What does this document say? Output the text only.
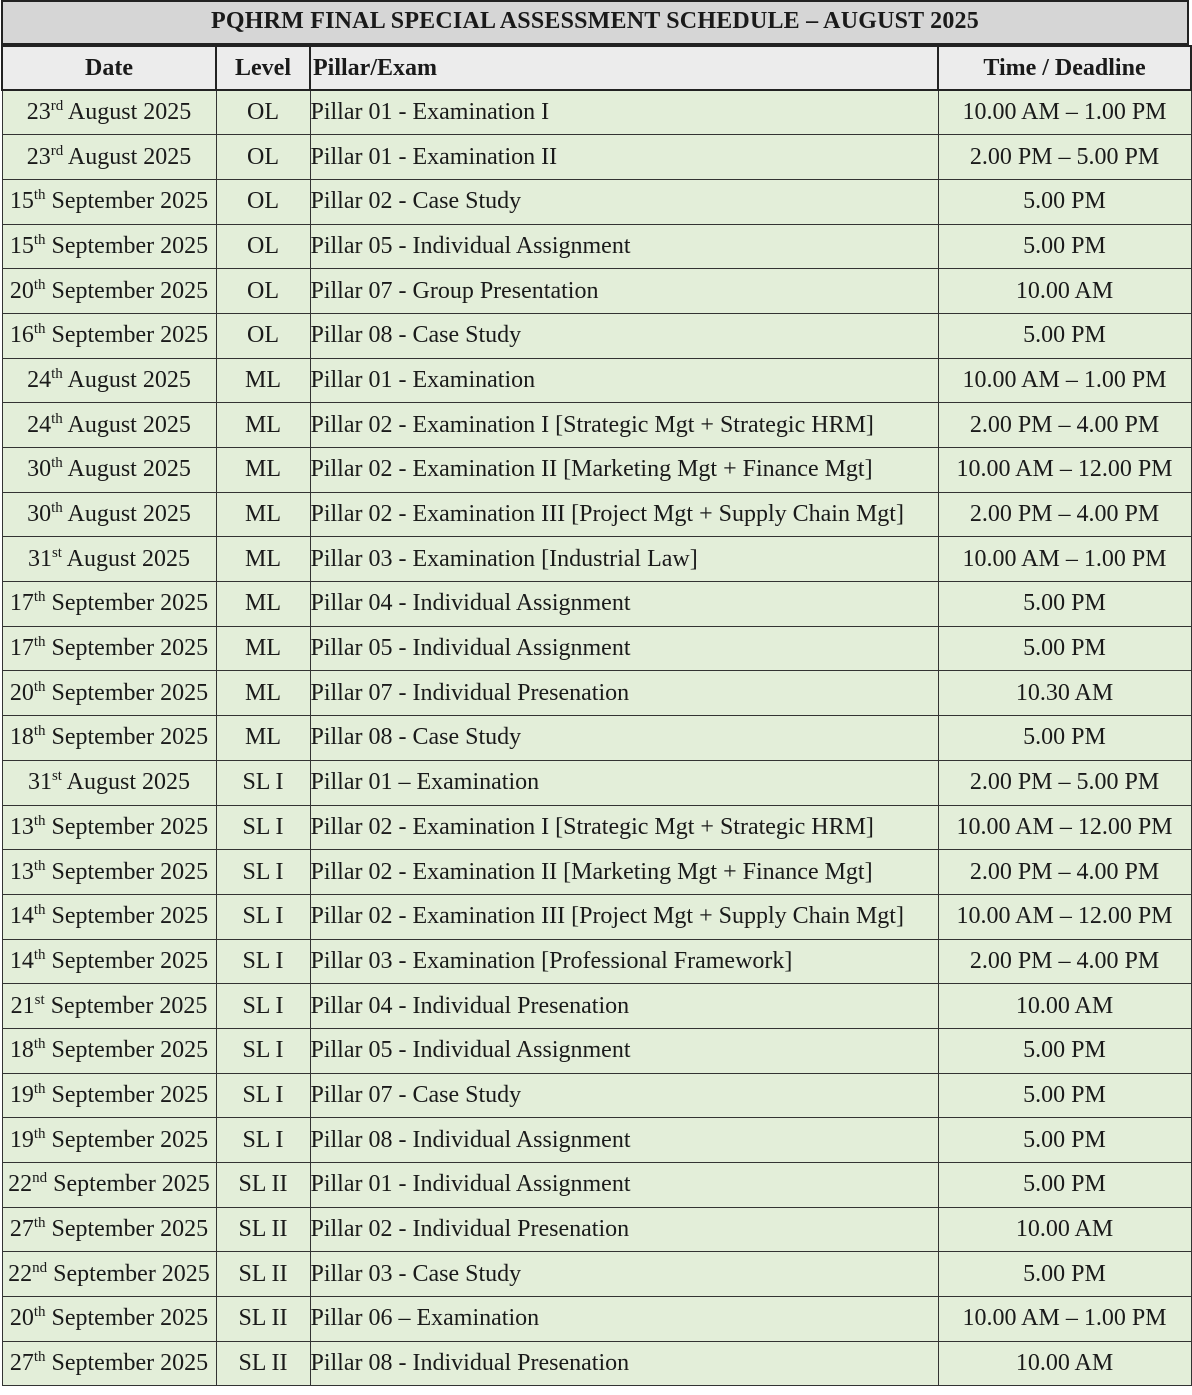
PQHRM FINAL SPECIAL ASSESSMENT SCHEDULE – AUGUST 2025
Date	Level	Pillar/Exam	Time / Deadline
23rd August 2025	OL	Pillar 01 - Examination I	10.00 AM – 1.00 PM
23rd August 2025	OL	Pillar 01 - Examination II	2.00 PM – 5.00 PM
15th September 2025	OL	Pillar 02 - Case Study	5.00 PM
15th September 2025	OL	Pillar 05 - Individual Assignment	5.00 PM
20th September 2025	OL	Pillar 07 - Group Presentation	10.00 AM
16th September 2025	OL	Pillar 08 - Case Study	5.00 PM
24th August 2025	ML	Pillar 01 - Examination	10.00 AM – 1.00 PM
24th August 2025	ML	Pillar 02 - Examination I [Strategic Mgt + Strategic HRM]	2.00 PM – 4.00 PM
30th August 2025	ML	Pillar 02 - Examination II [Marketing Mgt + Finance Mgt]	10.00 AM – 12.00 PM
30th August 2025	ML	Pillar 02 - Examination III [Project Mgt + Supply Chain Mgt]	2.00 PM – 4.00 PM
31st August 2025	ML	Pillar 03 - Examination [Industrial Law]	10.00 AM – 1.00 PM
17th September 2025	ML	Pillar 04 - Individual Assignment	5.00 PM
17th September 2025	ML	Pillar 05 - Individual Assignment	5.00 PM
20th September 2025	ML	Pillar 07 - Individual Presenation	10.30 AM
18th September 2025	ML	Pillar 08 - Case Study	5.00 PM
31st August 2025	SL I	Pillar 01 – Examination	2.00 PM – 5.00 PM
13th September 2025	SL I	Pillar 02 - Examination I [Strategic Mgt + Strategic HRM]	10.00 AM – 12.00 PM
13th September 2025	SL I	Pillar 02 - Examination II [Marketing Mgt + Finance Mgt]	2.00 PM – 4.00 PM
14th September 2025	SL I	Pillar 02 - Examination III [Project Mgt + Supply Chain Mgt]	10.00 AM – 12.00 PM
14th September 2025	SL I	Pillar 03 - Examination [Professional Framework]	2.00 PM – 4.00 PM
21st September 2025	SL I	Pillar 04 - Individual Presenation	10.00 AM
18th September 2025	SL I	Pillar 05 - Individual Assignment	5.00 PM
19th September 2025	SL I	Pillar 07 - Case Study	5.00 PM
19th September 2025	SL I	Pillar 08 - Individual Assignment	5.00 PM
22nd September 2025	SL II	Pillar 01 - Individual Assignment	5.00 PM
27th September 2025	SL II	Pillar 02 - Individual Presenation	10.00 AM
22nd September 2025	SL II	Pillar 03 - Case Study	5.00 PM
20th September 2025	SL II	Pillar 06 – Examination	10.00 AM – 1.00 PM
27th September 2025	SL II	Pillar 08 - Individual Presenation	10.00 AM
